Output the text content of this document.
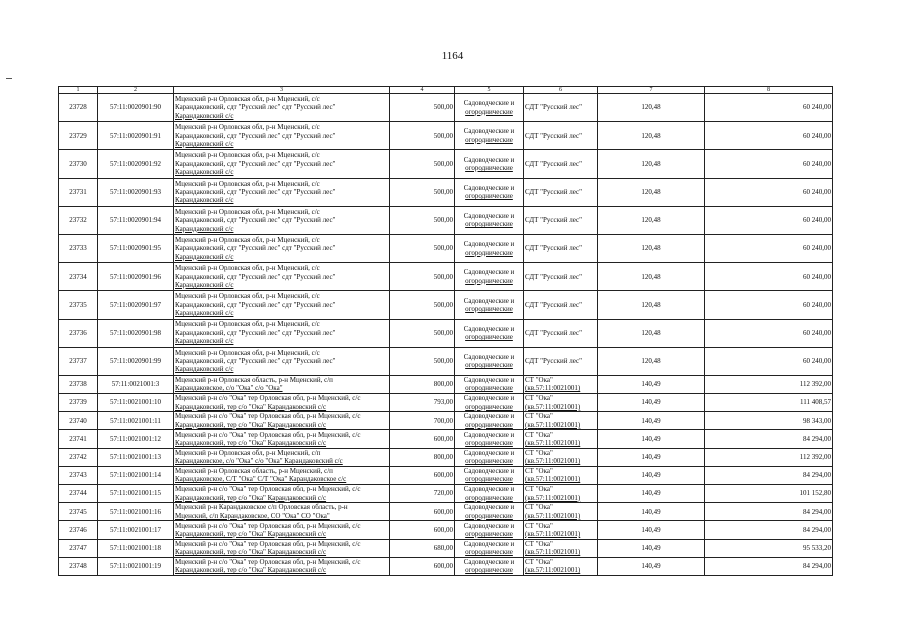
1164
1	2	3	4	5	6	7	8
23728	57:11:0020901:90	Мценский р-н Орловская обл, р-н Мценский, с/с
Карандаковский, сдт "Русский лес" сдт "Русский лес"
Карандаковский с/с	500,00	Садоводческие и
огороднические	СДТ "Русский лес"	120,48	60 240,00
23729	57:11:0020901:91	Мценский р-н Орловская обл, р-н Мценский, с/с
Карандаковский, сдт "Русский лес" сдт "Русский лес"
Карандаковский с/с	500,00	Садоводческие и
огороднические	СДТ "Русский лес"	120,48	60 240,00
23730	57:11:0020901:92	Мценский р-н Орловская обл, р-н Мценский, с/с
Карандаковский, сдт "Русский лес" сдт "Русский лес"
Карандаковский с/с	500,00	Садоводческие и
огороднические	СДТ "Русский лес"	120,48	60 240,00
23731	57:11:0020901:93	Мценский р-н Орловская обл, р-н Мценский, с/с
Карандаковский, сдт "Русский лес" сдт "Русский лес"
Карандаковский с/с	500,00	Садоводческие и
огороднические	СДТ "Русский лес"	120,48	60 240,00
23732	57:11:0020901:94	Мценский р-н Орловская обл, р-н Мценский, с/с
Карандаковский, сдт "Русский лес" сдт "Русский лес"
Карандаковский с/с	500,00	Садоводческие и
огороднические	СДТ "Русский лес"	120,48	60 240,00
23733	57:11:0020901:95	Мценский р-н Орловская обл, р-н Мценский, с/с
Карандаковский, сдт "Русский лес" сдт "Русский лес"
Карандаковский с/с	500,00	Садоводческие и
огороднические	СДТ "Русский лес"	120,48	60 240,00
23734	57:11:0020901:96	Мценский р-н Орловская обл, р-н Мценский, с/с
Карандаковский, сдт "Русский лес" сдт "Русский лес"
Карандаковский с/с	500,00	Садоводческие и
огороднические	СДТ "Русский лес"	120,48	60 240,00
23735	57:11:0020901:97	Мценский р-н Орловская обл, р-н Мценский, с/с
Карандаковский, сдт "Русский лес" сдт "Русский лес"
Карандаковский с/с	500,00	Садоводческие и
огороднические	СДТ "Русский лес"	120,48	60 240,00
23736	57:11:0020901:98	Мценский р-н Орловская обл, р-н Мценский, с/с
Карандаковский, сдт "Русский лес" сдт "Русский лес"
Карандаковский с/с	500,00	Садоводческие и
огороднические	СДТ "Русский лес"	120,48	60 240,00
23737	57:11:0020901:99	Мценский р-н Орловская обл, р-н Мценский, с/с
Карандаковский, сдт "Русский лес" сдт "Русский лес"
Карандаковский с/с	500,00	Садоводческие и
огороднические	СДТ "Русский лес"	120,48	60 240,00
23738	57:11:0021001:3	Мценский р-н Орловская область, р-н Мценский, с/п
Карандаковское, с/о "Ока" с/о "Ока"	800,00	Садоводческие и
огороднические	СТ "Ока"
(кв.57:11:0021001)	140,49	112 392,00
23739	57:11:0021001:10	Мценский р-н с/о "Ока" тер Орловская обл, р-н Мценский, с/с
Карандаковский, тер с/о "Ока" Карандаковский с/с	793,00	Садоводческие и
огороднические	СТ "Ока"
(кв.57:11:0021001)	140,49	111 408,57
23740	57:11:0021001:11	Мценский р-н с/о "Ока" тер Орловская обл, р-н Мценский, с/с
Карандаковский, тер с/о "Ока" Карандаковский с/с	700,00	Садоводческие и
огороднические	СТ "Ока"
(кв.57:11:0021001)	140,49	98 343,00
23741	57:11:0021001:12	Мценский р-н с/о "Ока" тер Орловская обл, р-н Мценский, с/с
Карандаковский, тер с/о "Ока" Карандаковский с/с	600,00	Садоводческие и
огороднические	СТ "Ока"
(кв.57:11:0021001)	140,49	84 294,00
23742	57:11:0021001:13	Мценский р-н Орловская обл, р-н Мценский, с/п
Карандаковское, с/о "Ока" с/о "Ока" Карандаковский с/с	800,00	Садоводческие и
огороднические	СТ "Ока"
(кв.57:11:0021001)	140,49	112 392,00
23743	57:11:0021001:14	Мценский р-н Орловская область, р-н Мценский, с/п
Карандаковское, С/Т "Ока" С/Т "Ока" Карандаковское с/с	600,00	Садоводческие и
огороднические	СТ "Ока"
(кв.57:11:0021001)	140,49	84 294,00
23744	57:11:0021001:15	Мценский р-н с/о "Ока" тер Орловская обл, р-н Мценский, с/с
Карандаковский, тер с/о "Ока" Карандаковский с/с	720,00	Садоводческие и
огороднические	СТ "Ока"
(кв.57:11:0021001)	140,49	101 152,80
23745	57:11:0021001:16	Мценский р-н Карандаковское с/п Орловская область, р-н
Мценский, с/п Карандаковское, СО "Ока" СО "Ока"	600,00	Садоводческие и
огороднические	СТ "Ока"
(кв.57:11:0021001)	140,49	84 294,00
23746	57:11:0021001:17	Мценский р-н с/о "Ока" тер Орловская обл, р-н Мценский, с/с
Карандаковский, тер с/о "Ока" Карандаковский с/с	600,00	Садоводческие и
огороднические	СТ "Ока"
(кв.57:11:0021001)	140,49	84 294,00
23747	57:11:0021001:18	Мценский р-н с/о "Ока" тер Орловская обл, р-н Мценский, с/с
Карандаковский, тер с/о "Ока" Карандаковский с/с	680,00	Садоводческие и
огороднические	СТ "Ока"
(кв.57:11:0021001)	140,49	95 533,20
23748	57:11:0021001:19	Мценский р-н с/о "Ока" тер Орловская обл, р-н Мценский, с/с
Карандаковский, тер с/о "Ока" Карандаковский с/с	600,00	Садоводческие и
огороднические	СТ "Ока"
(кв.57:11:0021001)	140,49	84 294,00
